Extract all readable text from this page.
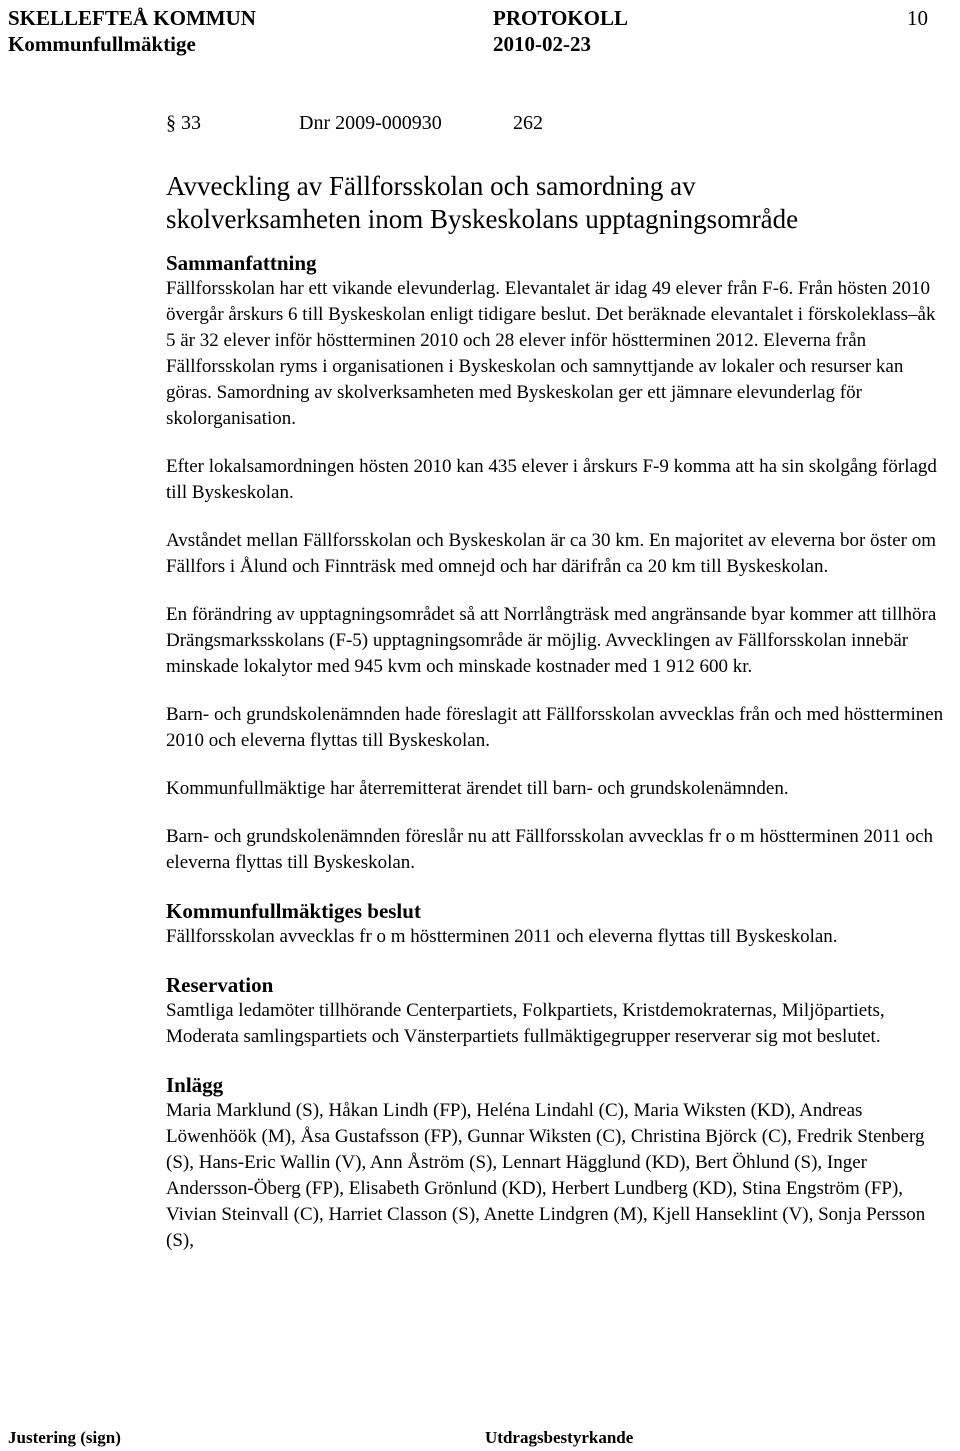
SKELLEFTEÅ KOMMUN	PROTOKOLL	10
Kommunfullmäktige	2010-02-23
§ 33	Dnr 2009-000930	262
Avveckling av Fällforsskolan och samordning av
skolverksamheten inom Byskeskolans upptagningsområde
Sammanfattning

Fällforsskolan har ett vikande elevunderlag. Elevantalet är idag 49 elever från F-6. Från hösten 2010 övergår årskurs 6 till Byskeskolan enligt tidigare beslut. Det beräknade elevantalet i förskoleklass–åk 5 är 32 elever inför höstterminen 2010 och 28 elever inför höstterminen 2012. Eleverna från Fällforsskolan ryms i organisationen i Byskeskolan och samnyttjande av lokaler och resurser kan göras. Samordning av skolverksamheten med Byskeskolan ger ett jämnare elevunderlag för skolorganisation.

Efter lokalsamordningen hösten 2010 kan 435 elever i årskurs F-9 komma att ha sin skolgång förlagd till Byskeskolan.

Avståndet mellan Fällforsskolan och Byskeskolan är ca 30 km. En majoritet av eleverna bor öster om Fällfors i Ålund och Finnträsk med omnejd och har därifrån ca 20 km till Byskeskolan.

En förändring av upptagningsområdet så att Norrlångträsk med angränsande byar kommer att tillhöra Drängsmarksskolans (F-5) upptagningsområde är möjlig. Avvecklingen av Fällforsskolan innebär minskade lokalytor med 945 kvm och minskade kostnader med 1 912 600 kr.

Barn- och grundskolenämnden hade föreslagit att Fällforsskolan avvecklas från och med höstterminen 2010 och eleverna flyttas till Byskeskolan.

Kommunfullmäktige har återremitterat ärendet till barn- och grundskolenämnden.

Barn- och grundskolenämnden föreslår nu att Fällforsskolan avvecklas fr o m höstterminen 2011 och eleverna flyttas till Byskeskolan.

Kommunfullmäktiges beslut

Fällforsskolan avvecklas fr o m höstterminen 2011 och eleverna flyttas till Byskeskolan.

Reservation

Samtliga ledamöter tillhörande Centerpartiets, Folkpartiets, Kristdemokraternas, Miljöpartiets, Moderata samlingspartiets och Vänsterpartiets fullmäktigegrupper reserverar sig mot beslutet.

Inlägg

Maria Marklund (S), Håkan Lindh (FP), Heléna Lindahl (C), Maria Wiksten (KD), Andreas Löwenhöök (M), Åsa Gustafsson (FP), Gunnar Wiksten (C), Christina Björck (C), Fredrik Stenberg (S), Hans-Eric Wallin (V), Ann Åström (S), Lennart Hägglund (KD), Bert Öhlund (S), Inger Andersson-Öberg (FP), Elisabeth Grönlund (KD), Herbert Lundberg (KD), Stina Engström (FP), Vivian Steinvall (C), Harriet Classon (S), Anette Lindgren (M), Kjell Hanseklint (V), Sonja Persson (S),

Justering (sign)	Utdragsbestyrkande
